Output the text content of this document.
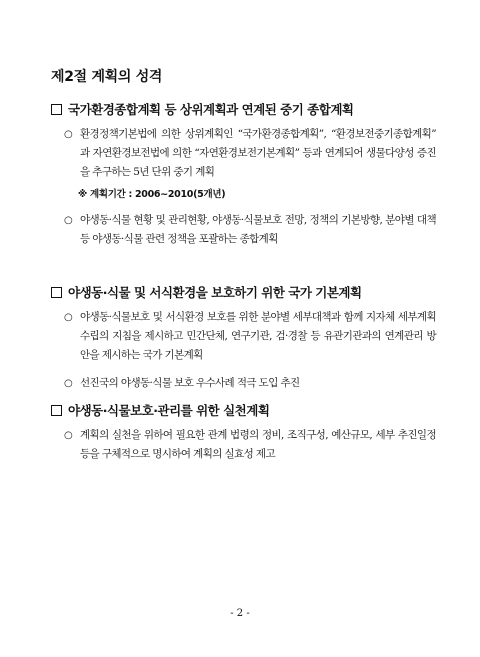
제2절 계획의 성격
국가환경종합계획 등 상위계획과 연계된 중기 종합계획
○ 환경정책기본법에 의한 상위계획인 “국가환경종합계획”, “환경보전중기종합계획” 과 자연환경보전법에 의한 “자연환경보전기본계획” 등과 연계되어 생물다양성 증진을 추구하는 5년 단위 중기 계획
※ 계획기간 : 2006~2010(5개년)
○ 야생동·식물 현황 및 관리현황, 야생동·식물보호 전망, 정책의 기본방향, 분야별 대책 등 야생동·식물 관련 정책을 포괄하는 종합계획
야생동·식물 및 서식환경을 보호하기 위한 국가 기본계획
○ 야생동·식물보호 및 서식환경 보호를 위한 분야별 세부대책과 함께 지자체 세부계획 수립의 지침을 제시하고 민간단체, 연구기관, 검·경찰 등 유관기관과의 연계관리 방안을 제시하는 국가 기본계획
○ 선진국의 야생동·식물 보호 우수사례 적극 도입 추진
야생동·식물보호·관리를 위한 실천계획
○ 계획의 실천을 위하여 필요한 관계 법령의 정비, 조직구성, 예산규모, 세부 추진일정 등을 구체적으로 명시하여 계획의 실효성 제고
- 2 -
